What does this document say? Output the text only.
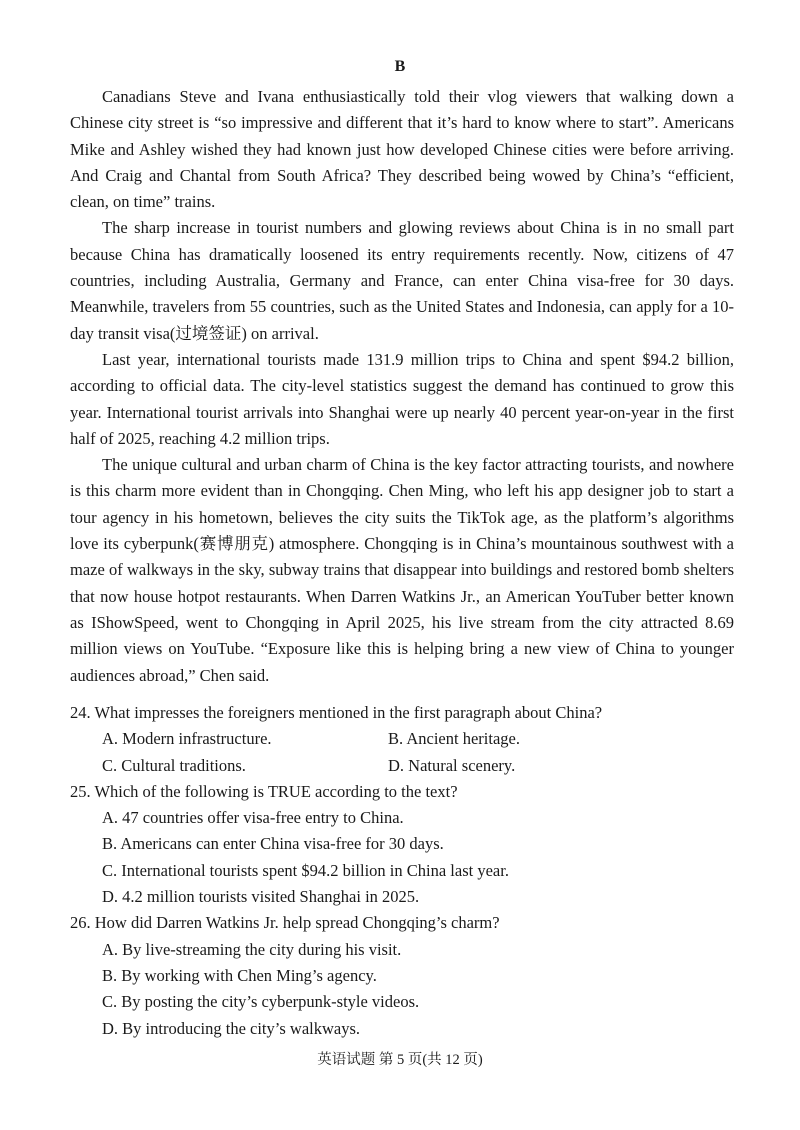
B

Canadians Steve and Ivana enthusiastically told their vlog viewers that walking down a Chinese city street is “so impressive and different that it’s hard to know where to start”. Americans Mike and Ashley wished they had known just how developed Chinese cities were before arriving. And Craig and Chantal from South Africa? They described being wowed by China’s “efficient, clean, on time” trains.

The sharp increase in tourist numbers and glowing reviews about China is in no small part because China has dramatically loosened its entry requirements recently. Now, citizens of 47 countries, including Australia, Germany and France, can enter China visa-free for 30 days. Meanwhile, travelers from 55 countries, such as the United States and Indonesia, can apply for a 10-day transit visa(过境签证) on arrival.

Last year, international tourists made 131.9 million trips to China and spent $94.2 billion, according to official data. The city-level statistics suggest the demand has continued to grow this year. International tourist arrivals into Shanghai were up nearly 40 percent year-on-year in the first half of 2025, reaching 4.2 million trips.

The unique cultural and urban charm of China is the key factor attracting tourists, and nowhere is this charm more evident than in Chongqing. Chen Ming, who left his app designer job to start a tour agency in his hometown, believes the city suits the TikTok age, as the platform’s algorithms love its cyberpunk(赛博朋克) atmosphere. Chongqing is in China’s mountainous southwest with a maze of walkways in the sky, subway trains that disappear into buildings and restored bomb shelters that now house hotpot restaurants. When Darren Watkins Jr., an American YouTuber better known as IShowSpeed, went to Chongqing in April 2025, his live stream from the city attracted 8.69 million views on YouTube. “Exposure like this is helping bring a new view of China to younger audiences abroad,” Chen said.

24. What impresses the foreigners mentioned in the first paragraph about China?

A. Modern infrastructure.	B. Ancient heritage.

C. Cultural traditions.	D. Natural scenery.

25. Which of the following is TRUE according to the text?

A. 47 countries offer visa-free entry to China.

B. Americans can enter China visa-free for 30 days.

C. International tourists spent $94.2 billion in China last year.

D. 4.2 million tourists visited Shanghai in 2025.

26. How did Darren Watkins Jr. help spread Chongqing’s charm?

A. By live-streaming the city during his visit.

B. By working with Chen Ming’s agency.

C. By posting the city’s cyberpunk-style videos.

D. By introducing the city’s walkways.

英语试题 第 5 页(共 12 页)
